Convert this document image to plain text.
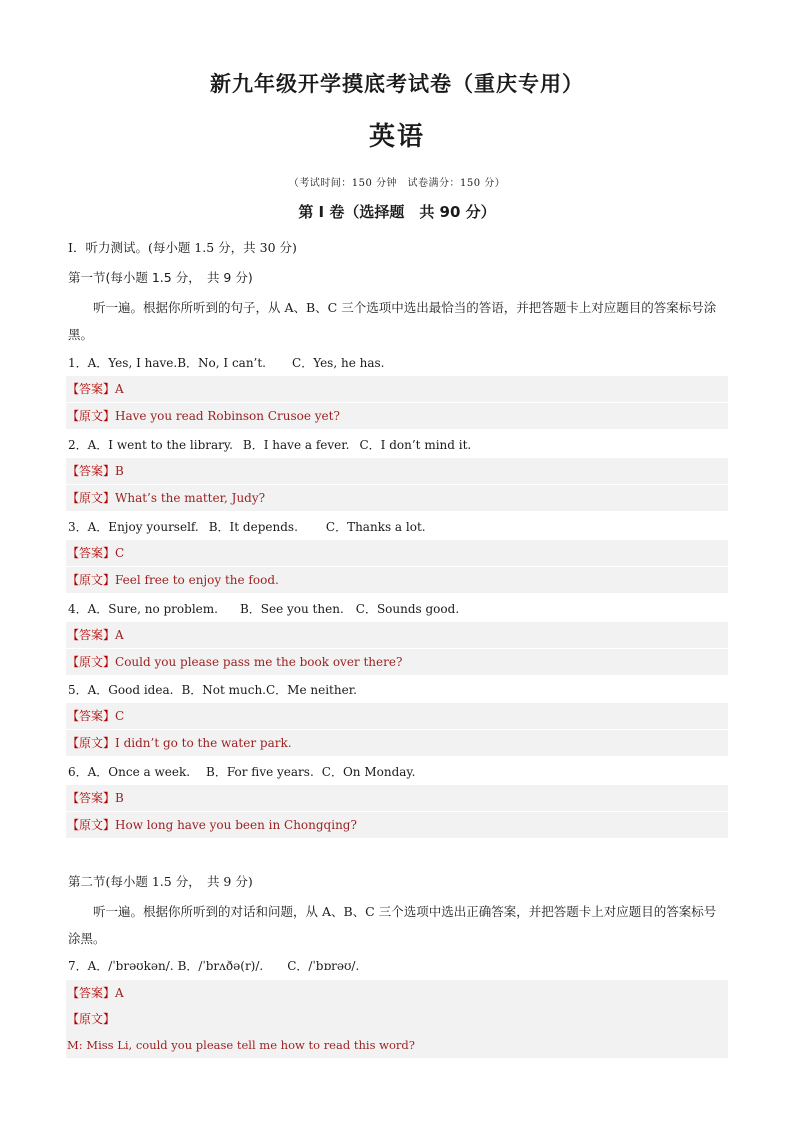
新九年级开学摸底考试卷（重庆专用）
英语
（考试时间：150 分钟　试卷满分：150 分）
第 I 卷（选择题　共 90 分）
Ⅰ．听力测试。(每小题 1.5 分，共 30 分)
第一节(每小题 1.5 分，　共 9 分)
听一遍。根据你所听到的句子，从 A、B、C 三个选项中选出最恰当的答语，并把答题卡上对应题目的答案标号涂黑。
1．A．Yes, I have.B．No, I can’t. C．Yes, he has.
【答案】A
【原文】Have you read Robinson Crusoe yet?
2．A．I went to the library. B．I have a fever. C．I don’t mind it.
【答案】B
【原文】What’s the matter, Judy?
3．A．Enjoy yourself. B．It depends. C．Thanks a lot.
【答案】C
【原文】Feel free to enjoy the food.
4．A．Sure, no problem. B．See you then. C．Sounds good.
【答案】A
【原文】Could you please pass me the book over there?
5．A．Good idea. B．Not much.C．Me neither.
【答案】C
【原文】I didn’t go to the water park.
6．A．Once a week. B．For five years. C．On Monday.
【答案】B
【原文】How long have you been in Chongqing?
第二节(每小题 1.5 分，　共 9 分)
听一遍。根据你所听到的对话和问题，从 A、B、C 三个选项中选出正确答案，并把答题卡上对应题目的答案标号涂黑。
7．A．/ˈbrəʊkən/. B．/ˈbrʌðə(r)/. C．/ˈbɒrəʊ/.
【答案】A
【原文】
M: Miss Li, could you please tell me how to read this word?
